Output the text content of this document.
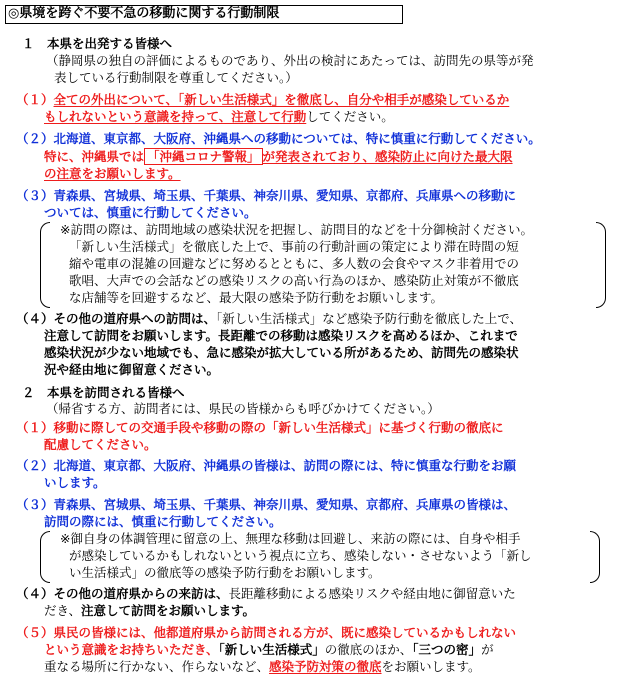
◎県境を跨ぐ不要不急の移動に関する行動制限
１　本県を出発する皆様へ
（静岡県の独自の評価によるものであり、外出の検討にあたっては、訪問先の県等が発
表している行動制限を尊重してください。）
（１）全ての外出について、「新しい生活様式」を徹底し、自分や相手が感染しているか
もしれないという意識を持って、注意して行動してください。
（２）北海道、東京都、大阪府、沖縄県への移動については、特に慎重に行動してください。
特に、沖縄県では 「沖縄コロナ警報」 が発表されており、感染防止に向けた最大限
の注意をお願いします。
（３）青森県、宮城県、埼玉県、千葉県、神奈川県、愛知県、京都府、兵庫県への移動に
ついては、慎重に行動してください。
※訪問の際は、訪問地域の感染状況を把握し、訪問目的などを十分御検討ください。
「新しい生活様式」を徹底した上で、事前の行動計画の策定により滞在時間の短
縮や電車の混雑の回避などに努めるとともに、多人数の会食やマスク非着用での
歌唱、大声での会話などの感染リスクの高い行為のほか、感染防止対策が不徹底
な店舗等を回避するなど、最大限の感染予防行動をお願いします。
（４）その他の道府県への訪問は、「新しい生活様式」など感染予防行動を徹底した上で、
注意して訪問をお願いします。長距離での移動は感染リスクを高めるほか、これまで
感染状況が少ない地域でも、急に感染が拡大している所があるため、訪問先の感染状
況や経由地に御留意ください。
２　本県を訪問される皆様へ
（帰省する方、訪問者には、県民の皆様からも呼びかけてください。）
（１）移動に際しての交通手段や移動の際の「新しい生活様式」に基づく行動の徹底に
配慮してください。
（２）北海道、東京都、大阪府、沖縄県の皆様は、訪問の際には、特に慎重な行動をお願
いします。
（３）青森県、宮城県、埼玉県、千葉県、神奈川県、愛知県、京都府、兵庫県の皆様は、
訪問の際には、慎重に行動してください。
※御自身の体調管理に留意の上、無理な移動は回避し、来訪の際には、自身や相手
が感染しているかもしれないという視点に立ち、感染しない・させないよう「新し
い生活様式」の徹底等の感染予防行動をお願いします。
（４）その他の道府県からの来訪は、長距離移動による感染リスクや経由地に御留意いた
だき、注意して訪問をお願いします。
（５）県民の皆様には、他都道府県から訪問される方が、既に感染しているかもしれない
という意識をお持ちいただき、「新しい生活様式」の徹底のほか、「三つの密」が
重なる場所に行かない、作らないなど、感染予防対策の徹底をお願いします。
